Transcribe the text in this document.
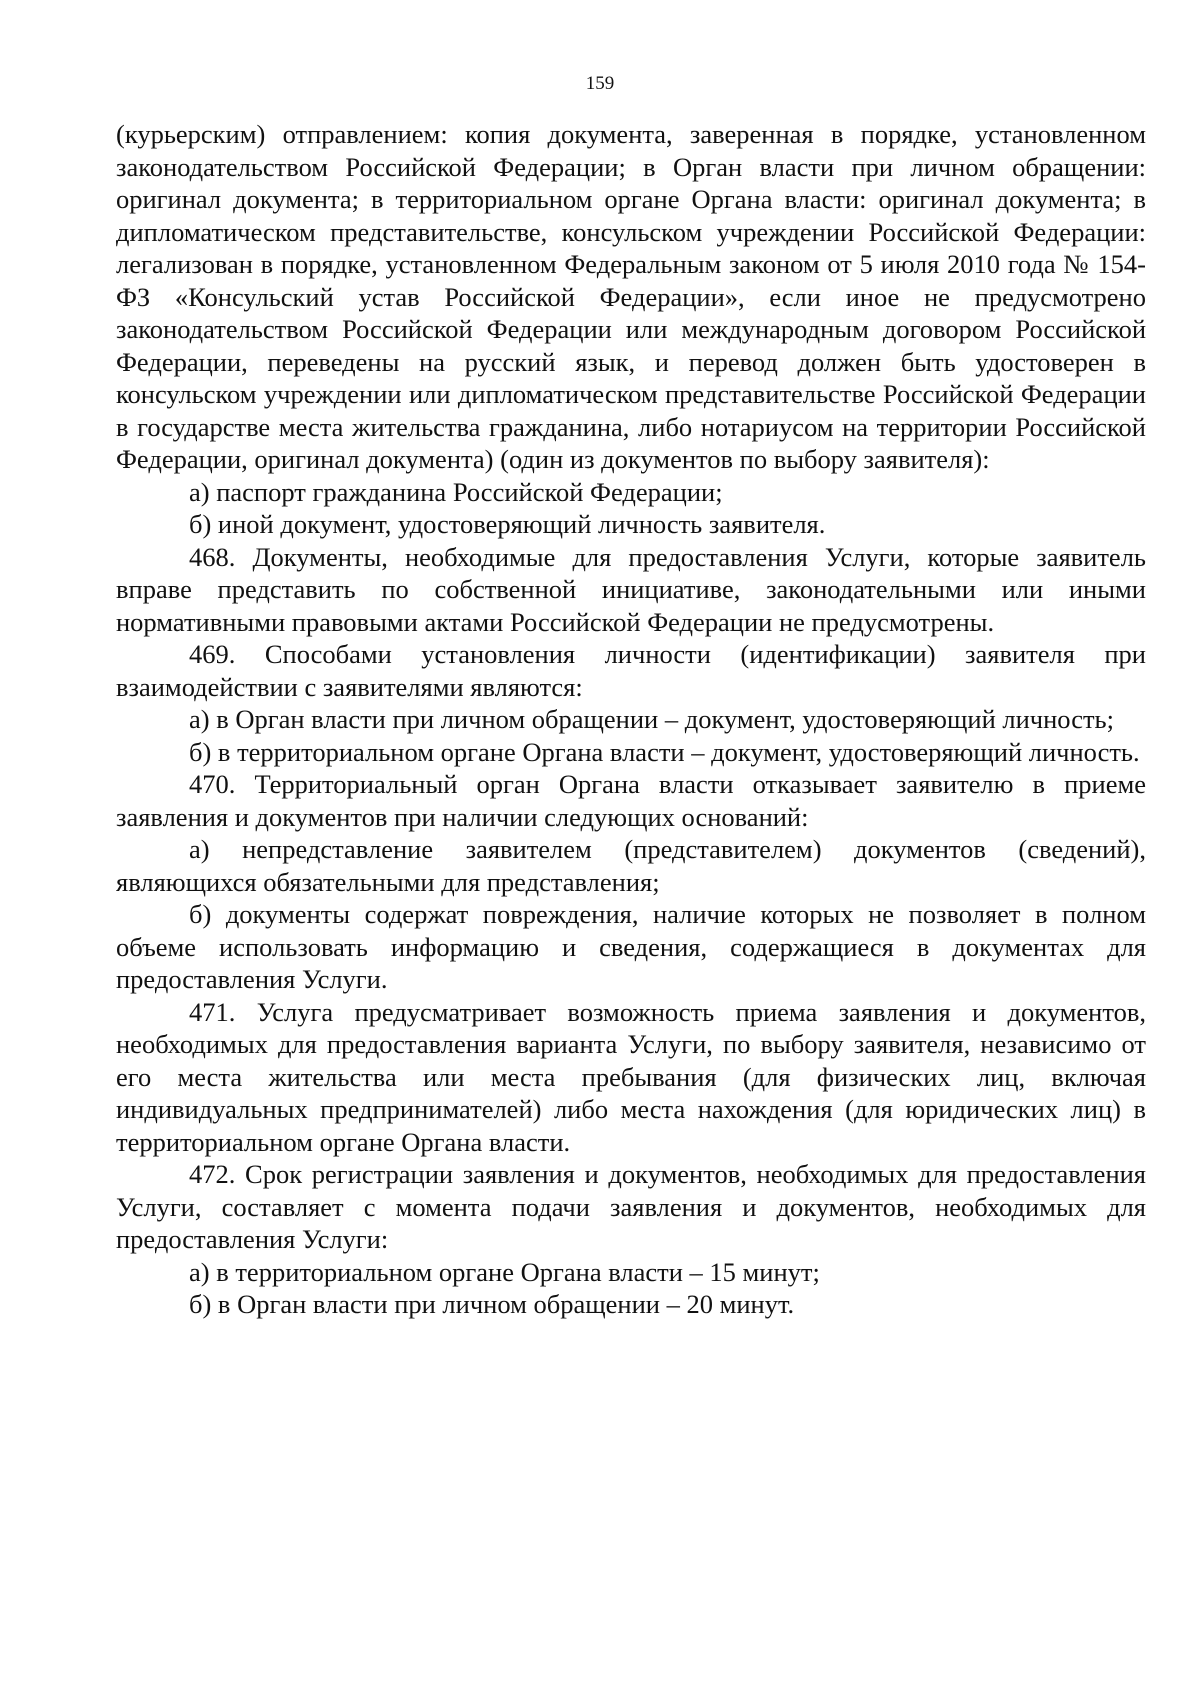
159

(курьерским) отправлением: копия документа, заверенная в порядке, установленном законодательством Российской Федерации; в Орган власти при личном обращении: оригинал документа; в территориальном органе Органа власти: оригинал документа; в дипломатическом представительстве, консульском учреждении Российской Федерации: легализован в порядке, установленном Федеральным законом от 5 июля 2010 года № 154-ФЗ «Консульский устав Российской Федерации», если иное не предусмотрено законодательством Российской Федерации или международным договором Российской Федерации, переведены на русский язык, и перевод должен быть удостоверен в консульском учреждении или дипломатическом представительстве Российской Федерации в государстве места жительства гражданина, либо нотариусом на территории Российской Федерации, оригинал документа) (один из документов по выбору заявителя):

а) паспорт гражданина Российской Федерации;

б) иной документ, удостоверяющий личность заявителя.

468. Документы, необходимые для предоставления Услуги, которые заявитель вправе представить по собственной инициативе, законодательными или иными нормативными правовыми актами Российской Федерации не предусмотрены.

469. Способами установления личности (идентификации) заявителя при взаимодействии с заявителями являются:

а) в Орган власти при личном обращении – документ, удостоверяющий личность;

б) в территориальном органе Органа власти – документ, удостоверяющий личность.

470. Территориальный орган Органа власти отказывает заявителю в приеме заявления и документов при наличии следующих оснований:

а) непредставление заявителем (представителем) документов (сведений), являющихся обязательными для представления;

б) документы содержат повреждения, наличие которых не позволяет в полном объеме использовать информацию и сведения, содержащиеся в документах для предоставления Услуги.

471. Услуга предусматривает возможность приема заявления и документов, необходимых для предоставления варианта Услуги, по выбору заявителя, независимо от его места жительства или места пребывания (для физических лиц, включая индивидуальных предпринимателей) либо места нахождения (для юридических лиц) в территориальном органе Органа власти.

472. Срок регистрации заявления и документов, необходимых для предоставления Услуги, составляет с момента подачи заявления и документов, необходимых для предоставления Услуги:

а) в территориальном органе Органа власти – 15 минут;

б) в Орган власти при личном обращении – 20 минут.
